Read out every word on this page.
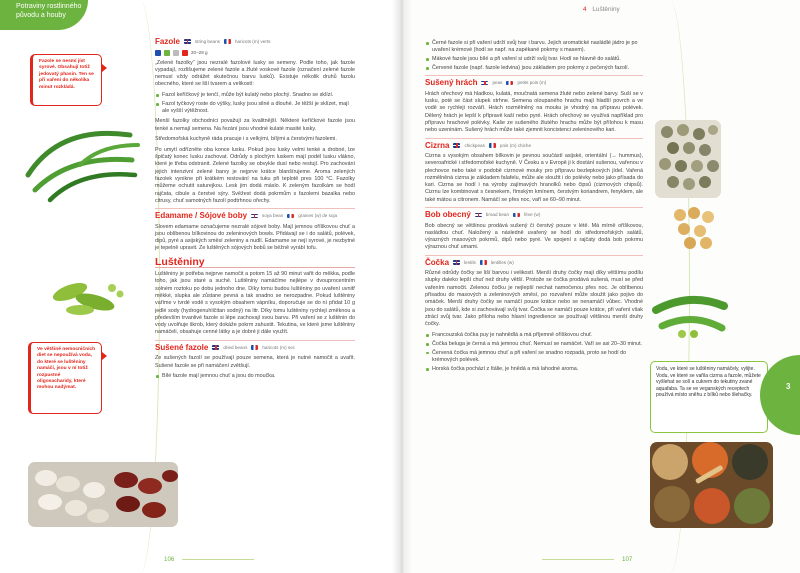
Potraviny rostlinného
původu a houby
Fazole se nesmí jíst syrové. Obsahují totiž jedovatý phasin. Ten se při vaření do několika minut rozkládá.
Ve většině nemocničních diet se nepoužívá voda, do které se luštěniny namáčí, jsou v ní totiž rozpustné oligosacharidy, které mohou nadýmat.
Fazole	string beans	haricots (m) verts
20–28 g

„Zelené fazolky“ jsou nezralé fazolové lusky se semeny. Podle toho, jak fazole vypadají, rozlišujeme zelené fazole a žluté voskové fazole (označení zelené fazole nemusí vždy odrážet skutečnou barvu lusků). Existuje několik druhů fazolu obecného, které se liší tvarem a velikostí:

Fazol keříčkový je tenčí, může být kulatý nebo plochý. Snadno se sklízí.
Fazol tyčkový roste do výšky, lusky jsou silné a dlouhé. Je těžší je sklízet, mají ale vyšší výtěžnost.

Menší fazolky obchodníci považují za kvalitnější. Některé keříčkové fazole jsou tenké a nemají semena. Na řezání jsou vhodné kulaté masité lusky.

Středomořská kuchyně ráda pracuje i s velkými, bílými a čerstvými fazolemi.

Po umytí odřízněte oba konce lusku. Pokud jsou lusky velmi tenké a drobné, lze špičatý konec lusku zachovat. Odrůdy s plochým luskem mají podél lusku vlákno, které je třeba odstranit. Zelené fazolky se obvykle dusí nebo restují. Pro zachování jejich intenzivní zelené barvy je nejprve krátce blanšírujeme. Aroma zelených fazolek vynikne při krátkém restování na tuku při teplotě pres 100 °C. Fazolky můžeme ochutit saturejkou. Lesk jim dodá máslo. K zeleným fazolkám se hodí rajčata, cibule a čerstvé sýry. Svěžest dodá pokrmům s fazolemi bazalka nebo citrusy, chuť samotných fazolí podtrhnou ořechy.

Edamame / Sójové boby	soya bean	graines (w) de soja

Slovem edamame označujeme nezralé sójové boby. Mají jemnou oříškovou chuť a jsou oblíbenou bílkovinou do zeleninových bowls. Přidávají se i do salátů, polévek, dipů, pyré a asijských směsí zeleniny a nudlí. Edamame se nejí syrové, je nezbytné je tepelně upravit. Ze luštěných sójových bobů se běžně vyrábí tofu.

Luštěniny

Luštěniny je potřeba nejprve namočit a potom 15 až 90 minut vařit do měkka, podle toho, jak jsou staré a suché. Luštěniny namáčíme nejlépe v dvouprocentním solném roztoku po dobu jednoho dne. Díky tomu budou luštěniny po uvaření uvnitř měkké, slupka ale zůstane pevná a tak snadno se nerozpadne. Pokud luštěniny vaříme v tvrdé vodě s vysokým obsahem vápníku, doporučuje se do ní přidat 10 g jedlé sody (hydrogenuhličitan sodný) na litr. Díky tomu luštěniny rychleji změknou a především trvanlivé fazole si lépe zachovají svou barvu. Při vaření se z luštěnin do vody uvolňuje škrob, který dokáže pokrm zahustit. Tekutina, ve které jsme luštěniny namáčeli, obsahuje cenné látky a je dobré ji dále využít.

Sušené fazole	dried beans	haricots (m) sec

Ze sušených fazolí se používají pouze semena, která je nutné namočit a uvařit. Sušené fazole se při namáčení zvětšují.

Bílé fazole mají jemnou chuť a jsou do moučka.
106
4 Luštěniny
Černé fazole si při vaření udrží svůj tvar i barvu. Jejich aromatické nasládlé jádro je po uvaření krémové (hodí se např. na zapékané pokrmy s masem).
Mákové fazole jsou bílé a při vaření si udrží svůj tvar. Hodí se hlavně do salátů.
Červené fazole (např. fazole ledvina) jsou základem pro pokrmy z pečených fazolí.
Sušený hrách	peas	petits pois (m)

Hrách ořechový má hladkou, kulatá, moučnatá semena žluté nebo zelené barvy. Suší se v lusku, poté se část slupek strhne. Semena oloupaného hrachu mají hladší povrch a ve vodě se rychleji rozváří. Hrách rozmělněný na mouku je vhodný na přípravu polévek. Dělený hrách je lepší k přípravě kaší nebo pyré. Hrách ořechový se využívá například pro přípravu hrachové polévky. Kaše ze sušeného žlutého hrachu může být přílohou k masu nebo uzeninám. Sušený hrách může také zjemnit koncistenci zeleninového kari.

Cizrna	chickpeas	pois (m) chiche

Cizrna s vysokým obsahem bílkovin je pevnou součástí asijské, orientální (→ hummus), severoafrické i středomořské kuchyně. V Česku a v Evropě ji k dostání sušenou, vařenou v plechovce nebo také v podobě cizrnové mouky pro přípravu bezlepkových jídel. Vařená rozmělněná cizrna je základem falafelu, může ale sloužit i do polévky nebo jako přísada do kari. Cizrna se hodí i na výroby zajímavých hranolků nebo čipsů (cizrnových chipsů). Cizrnu lze kombinovat s česnekem, římským kmínem, čerstvým koriandrem, fenyklem, ale také mátou a citronem. Namáčí se přes noc, vaří se 60–90 minut.

Bob obecný	broad bean	fève (w)

Bob obecný se většinou prodává sušený či čerstvý pouze v létě. Má mírně oříškovou, nasládlou chuť. Naložený a následně uvařený se hodí do středomořských salátů, výrazných masových pokrmů, dipů nebo pyré. Ve spojení s rajčaty dodá bob pokrmu výraznou chuť umami.

Čočka	lentils	lentilles (w)

Různé odrůdy čočky se liší barvou i velikostí. Menší druhy čočky mají díky většímu podílu slupky daleko lepší chuť než druhy větší. Protože se čočka prodává sušená, musí se před vařením namočit. Zelenou čočku je nejlepší nechat namočenou přes noc. Je oblíbenou přísadou do masových a zeleninových směsí, po rozvaření může sloužit jako pojivo do omáček. Menší druhy čočky se namáčí pouze krátce nebo se nenamáčí vůbec. Vhodné jsou do salátů, kde si zachovávají svůj tvar. Čočka se namáčí pouze krátce, při vaření však ztrácí svůj tvar. Jako příloha nebo hlavní ingredience se používají většinou menší druhy čočky.

Francouzská čočka puy je nahnědlá a má příjemně oříškovou chuť.
Čočka beluga je černá a má jemnou chuť. Nemusí se namáčet. Vaří se asi 20–30 minut.
Červená čočka má jemnou chuť a při vaření se snadno rozpadá, proto se hodí do krémových polévek.
Horská čočka pochází z Itálie, je hnědá a má lahodné aroma.	Vodu, ve které se luštěniny namáčely, vylijte. Vodu, ve které se vařila cizrna a fazole, můžete vyšlehat se solí a cukrem do tekutiny zvané aquafaba. Ta se ve veganských receptech používá místo sněhu z bílků nebo šlehačky.
3
107
